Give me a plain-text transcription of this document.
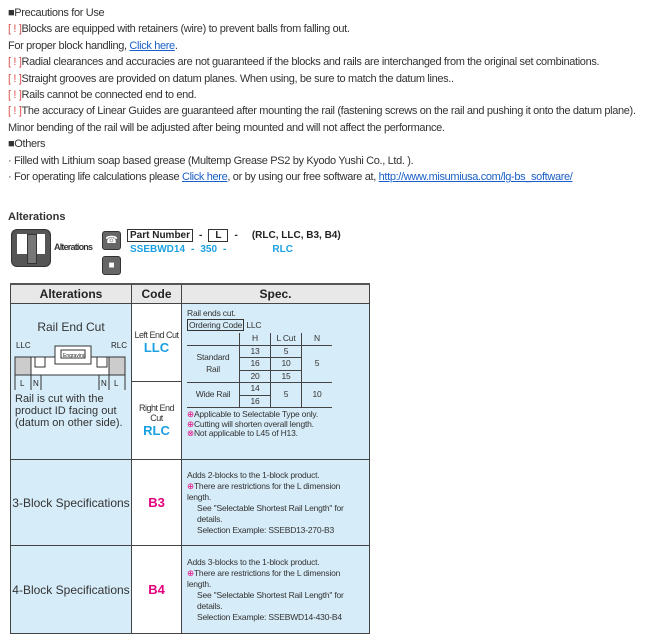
■Precautions for Use
[ ! ]Blocks are equipped with retainers (wire) to prevent balls from falling out.
For proper block handling, Click here.
[ ! ]Radial clearances and accuracies are not guaranteed if the blocks and rails are interchanged from the original set combinations.
[ ! ]Straight grooves are provided on datum planes. When using, be sure to match the datum lines..
[ ! ]Rails cannot be connected end to end.
[ ! ]The accuracy of Linear Guides are guaranteed after mounting the rail (fastening screws on the rail and pushing it onto the datum plane).
Minor bending of the rail will be adjusted after being mounted and will not affect the performance.
■Others
· Filled with Lithium soap based grease (Multemp Grease PS2 by Kyodo Yushi Co., Ltd. ).
· For operating life calculations please Click here, or by using our free software at, http://www.misumiusa.com/lg-bs_software/
Alterations
Alterations
☎
■
Part Number -	L	- (RLC, LLC, B3, B4)
SSEBWD14 - 350 -	RLC
Alterations	Code	Spec.

Rail End Cut
LLC	RLC
Engraving
L N	N L
Rail is cut with the product ID facing out (datum on other side).

Left End Cut
LLC

Rail ends cut.
Ordering Code LLC
	H	L Cut	N
Standard Rail	13	5	5
16	10
20	15
Wide Rail	14	5	10
16
⊕Applicable to Selectable Type only.
⊕Cutting will shorten overall length.
⊗Not applicable to L45 of H13.

Right End Cut
RLC

3-Block Specifications	B3	
Adds 2-blocks to the 1-block product.
⊕There are restrictions for the L dimension length.
See "Selectable Shortest Rail Length" for details.
Selection Example: SSEBD13-270-B3

4-Block Specifications	B4	
Adds 3-blocks to the 1-block product.
⊕There are restrictions for the L dimension length.
See "Selectable Shortest Rail Length" for details.
Selection Example: SSEBWD14-430-B4
